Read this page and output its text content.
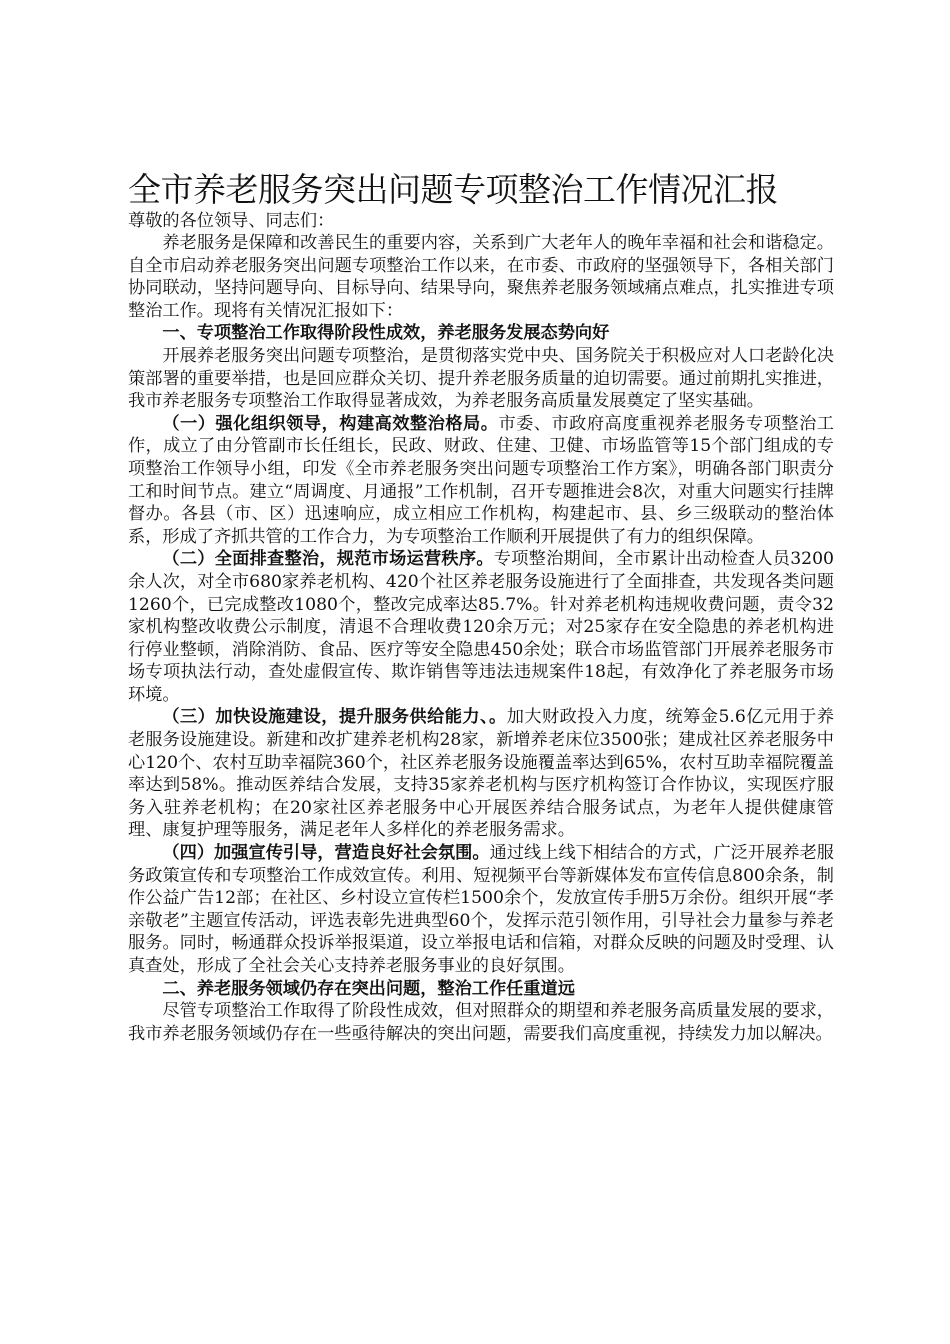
全市养老服务突出问题专项整治工作情况汇报
尊敬的各位领导、同志们：

养老服务是保障和改善民生的重要内容，关系到广大老年人的晚年幸福和社会和谐稳定。自全市启动养老服务突出问题专项整治工作以来，在市委、市政府的坚强领导下，各相关部门协同联动，坚持问题导向、目标导向、结果导向，聚焦养老服务领域痛点难点，扎实推进专项整治工作。现将有关情况汇报如下：

一、专项整治工作取得阶段性成效，养老服务发展态势向好

开展养老服务突出问题专项整治，是贯彻落实党中央、国务院关于积极应对人口老龄化决策部署的重要举措，也是回应群众关切、提升养老服务质量的迫切需要。通过前期扎实推进，我市养老服务专项整治工作取得显著成效，为养老服务高质量发展奠定了坚实基础。

（一）强化组织领导，构建高效整治格局。市委、市政府高度重视养老服务专项整治工作，成立了由分管副市长任组长，民政、财政、住建、卫健、市场监管等15个部门组成的专项整治工作领导小组，印发《全市养老服务突出问题专项整治工作方案》，明确各部门职责分工和时间节点。建立“周调度、月通报”工作机制，召开专题推进会8次，对重大问题实行挂牌督办。各县（市、区）迅速响应，成立相应工作机构，构建起市、县、乡三级联动的整治体系，形成了齐抓共管的工作合力，为专项整治工作顺利开展提供了有力的组织保障。

（二）全面排查整治，规范市场运营秩序。专项整治期间，全市累计出动检查人员3200余人次，对全市680家养老机构、420个社区养老服务设施进行了全面排查，共发现各类问题1260个，已完成整改1080个，整改完成率达85.7%。针对养老机构违规收费问题，责令32家机构整改收费公示制度，清退不合理收费120余万元；对25家存在安全隐患的养老机构进行停业整顿，消除消防、食品、医疗等安全隐患450余处；联合市场监管部门开展养老服务市场专项执法行动，查处虚假宣传、欺诈销售等违法违规案件18起，有效净化了养老服务市场环境。

（三）加快设施建设，提升服务供给能力、。加大财政投入力度，统筹金5.6亿元用于养老服务设施建设。新建和改扩建养老机构28家，新增养老床位3500张；建成社区养老服务中心120个、农村互助幸福院360个，社区养老服务设施覆盖率达到65%，农村互助幸福院覆盖率达到58%。推动医养结合发展，支持35家养老机构与医疗机构签订合作协议，实现医疗服务入驻养老机构；在20家社区养老服务中心开展医养结合服务试点，为老年人提供健康管理、康复护理等服务，满足老年人多样化的养老服务需求。

（四）加强宣传引导，营造良好社会氛围。通过线上线下相结合的方式，广泛开展养老服务政策宣传和专项整治工作成效宣传。利用、短视频平台等新媒体发布宣传信息800余条，制作公益广告12部；在社区、乡村设立宣传栏1500余个，发放宣传手册5万余份。组织开展“孝亲敬老”主题宣传活动，评选表彰先进典型60个，发挥示范引领作用，引导社会力量参与养老服务。同时，畅通群众投诉举报渠道，设立举报电话和信箱，对群众反映的问题及时受理、认真查处，形成了全社会关心支持养老服务事业的良好氛围。

二、养老服务领域仍存在突出问题，整治工作任重道远

尽管专项整治工作取得了阶段性成效，但对照群众的期望和养老服务高质量发展的要求，我市养老服务领域仍存在一些亟待解决的突出问题，需要我们高度重视，持续发力加以解决。
